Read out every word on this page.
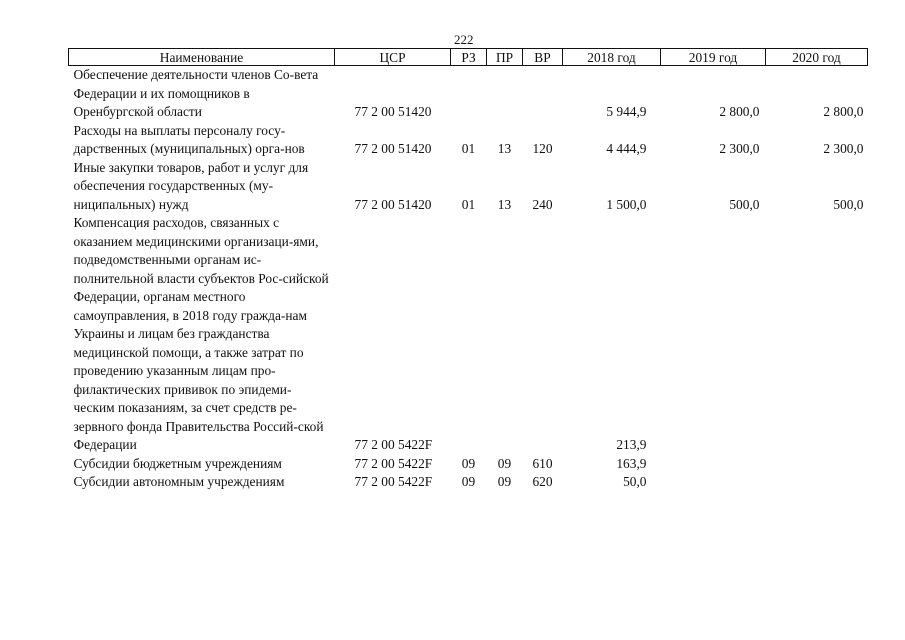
222
Наименование	ЦСР	РЗ	ПР	ВР	2018 год	2019 год	2020 год
Обеспечение деятельности членов Со-вета Федерации и их помощников в Оренбургской области	77 2 00 51420				5 944,9	2 800,0	2 800,0
Расходы на выплаты персоналу госу-дарственных (муниципальных) орга-нов	77 2 00 51420	01	13	120	4 444,9	2 300,0	2 300,0
Иные закупки товаров, работ и услуг для обеспечения государственных (му-ниципальных) нужд	77 2 00 51420	01	13	240	1 500,0	500,0	500,0
Компенсация расходов, связанных с оказанием медицинскими организаци-ями, подведомственными органам ис-полнительной власти субъектов Рос-сийской Федерации, органам местного самоуправления, в 2018 году гражда-нам Украины и лицам без гражданства медицинской помощи, а также затрат по проведению указанным лицам про-филактических прививок по эпидеми-ческим показаниям, за счет средств ре-зервного фонда Правительства Россий-ской Федерации	77 2 00 5422F				213,9		
Субсидии бюджетным учреждениям	77 2 00 5422F	09	09	610	163,9		
Субсидии автономным учреждениям	77 2 00 5422F	09	09	620	50,0		
